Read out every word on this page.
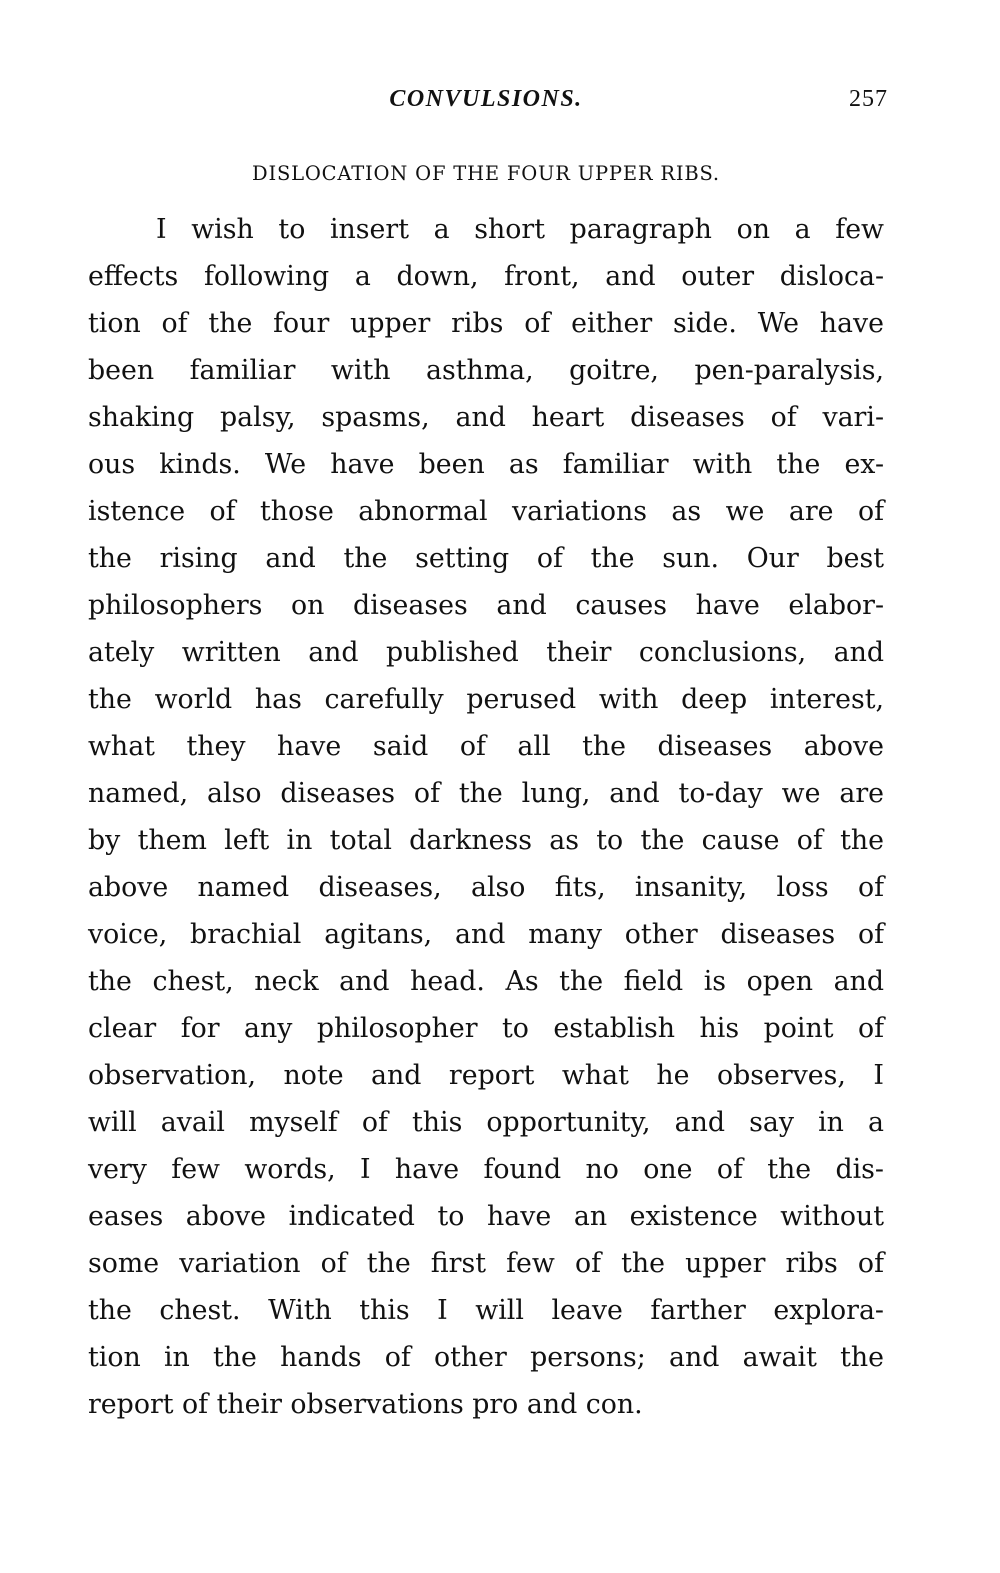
CONVULSIONS.	257
DISLOCATION OF THE FOUR UPPER RIBS.

I wish to insert a short paragraph on a few
effects following a down, front, and outer disloca-
tion of the four upper ribs of either side. We have
been familiar with asthma, goitre, pen-paralysis,
shaking palsy, spasms, and heart diseases of vari-
ous kinds. We have been as familiar with the ex-
istence of those abnormal variations as we are of
the rising and the setting of the sun. Our best
philosophers on diseases and causes have elabor-
ately written and published their conclusions, and
the world has carefully perused with deep interest,
what they have said of all the diseases above
named, also diseases of the lung, and to-day we are
by them left in total darkness as to the cause of the
above named diseases, also fits, insanity, loss of
voice, brachial agitans, and many other diseases of
the chest, neck and head. As the field is open and
clear for any philosopher to establish his point of
observation, note and report what he observes, I
will avail myself of this opportunity, and say in a
very few words, I have found no one of the dis-
eases above indicated to have an existence without
some variation of the first few of the upper ribs of
the chest. With this I will leave farther explora-
tion in the hands of other persons; and await the
report of their observations pro and con.
